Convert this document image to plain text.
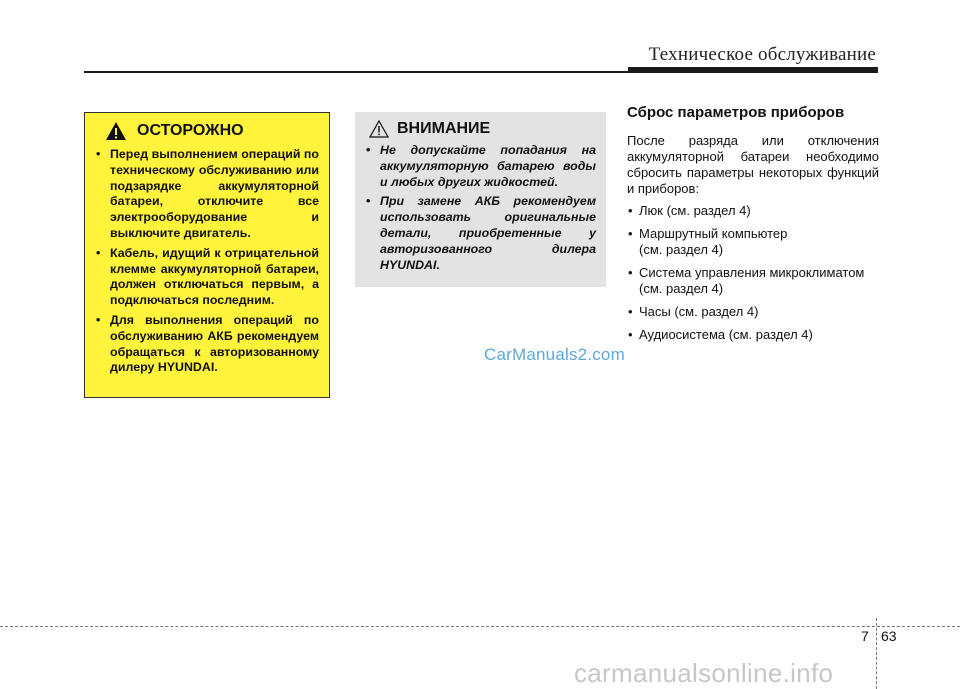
Техническое обслуживание
ОСТОРОЖНО
• Перед выполнением операций по техническому обслуживанию или подзарядке аккумуляторной батареи, отключите все электрооборудование и выключите двигатель.
• Кабель, идущий к отрицательной клемме аккумуляторной батареи, должен отключаться первым, а подключаться последним.
• Для выполнения операций по обслуживанию АКБ рекомендуем обращаться к авторизованному дилеру HYUNDAI.
ВНИМАНИЕ
• Не допускайте попадания на аккумуляторную батарею воды и любых других жидкостей.
• При замене АКБ рекомендуем использовать оригинальные детали, приобретенные у авторизованного дилера HYUNDAI.
Сброс параметров приборов

После разряда или отключения аккумуляторной батареи необходимо сбросить параметры некоторых функций и приборов:

• Люк (см. раздел 4)
• Маршрутный компьютер
(см. раздел 4)
• Система управления микроклиматом
(см. раздел 4)
• Часы (см. раздел 4)
• Аудиосистема (см. раздел 4)
CarManuals2.com
7 63
carmanualsonline.info
